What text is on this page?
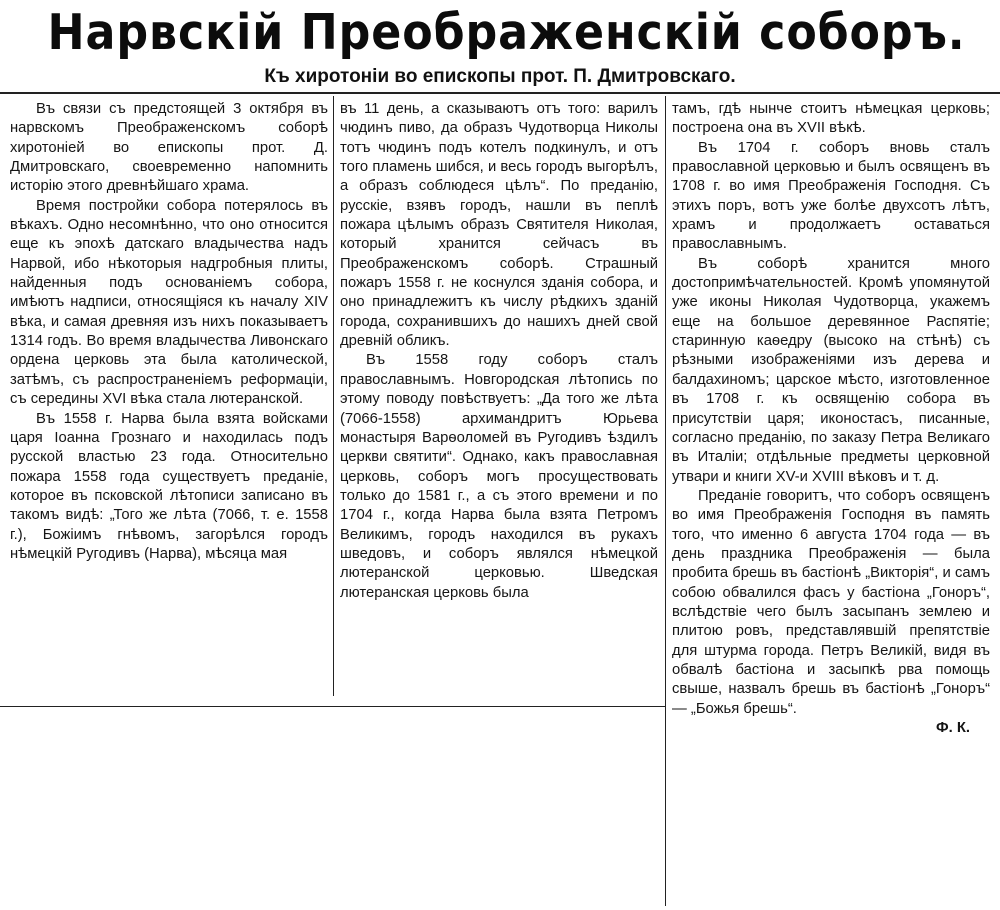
Нарвскій Преображенскій соборъ.
Къ хиротоніи во епископы прот. П. Дмитровскаго.

Въ связи съ предстоящей 3 октября въ нарвскомъ Преображенскомъ соборѣ хиротоніей во епископы прот. Д. Дмитровскаго, своевременно напомнить исторію этого древнѣйшаго храма.

Время постройки собора потерялось въ вѣкахъ. Одно несомнѣнно, что оно относится еще къ эпохѣ датскаго владычества надъ Нарвой, ибо нѣкоторыя надгробныя плиты, найденныя подъ основаніемъ собора, имѣютъ надписи, относящіяся къ началу XIV вѣка, и самая древняя изъ нихъ показываетъ 1314 годъ. Во время владычества Ливонскаго ордена церковь эта была католической, затѣмъ, съ распространеніемъ реформаціи, съ середины XVI вѣка стала лютеранской.

Въ 1558 г. Нарва была взята войсками царя Іоанна Грознаго и находилась подъ русской властью 23 года. Относительно пожара 1558 года существуетъ преданіе, которое въ псковской лѣтописи записано въ такомъ видѣ: „Того же лѣта (7066, т. е. 1558 г.), Божіимъ гнѣвомъ, загорѣлся городъ нѣмецкій Ругодивъ (Нарва), мѣсяца мая

въ 11 день, а сказываютъ отъ того: варилъ чюдинъ пиво, да образъ Чудотворца Николы тотъ чюдинъ подъ котелъ подкинулъ, и отъ того пламень шибся, и весь городъ выгорѣлъ, а образъ соблюдеся цѣлъ“. По преданію, русскіе, взявъ городъ, нашли въ пеплѣ пожара цѣлымъ образъ Святителя Николая, который хранится сейчасъ въ Преображенскомъ соборѣ. Страшный пожаръ 1558 г. не коснулся зданія собора, и оно принадлежитъ къ числу рѣдкихъ зданій города, сохранившихъ до нашихъ дней свой древній обликъ.

Въ 1558 году соборъ сталъ православнымъ. Новгородская лѣтопись по этому поводу повѣствуетъ: „Да того же лѣта (7066-1558) архимандритъ Юрьева монастыря Варѳоломей въ Ругодивъ ѣздилъ церкви святити“. Однако, какъ православная церковь, соборъ могъ просуществовать только до 1581 г., а съ этого времени и по 1704 г., когда Нарва была взята Петромъ Великимъ, городъ находился въ рукахъ шведовъ, и соборъ являлся нѣмецкой лютеранской церковью. Шведская лютеранская церковь была

тамъ, гдѣ нынче стоитъ нѣмецкая церковь; построена она въ XVII вѣкѣ.

Въ 1704 г. соборъ вновь сталъ православной церковью и былъ освященъ въ 1708 г. во имя Преображенія Господня. Съ этихъ поръ, вотъ уже болѣе двухсотъ лѣтъ, храмъ и продолжаетъ оставаться православнымъ.

Въ соборѣ хранится много достопримѣчательностей. Кромѣ упомянутой уже иконы Николая Чудотворца, укажемъ еще на большое деревянное Распятіе; старинную каѳедру (высоко на стѣнѣ) съ рѣзными изображеніями изъ дерева и балдахиномъ; царское мѣсто, изготовленное въ 1708 г. къ освященію собора въ присутствіи царя; иконостасъ, писанные, согласно преданію, по заказу Петра Великаго въ Италіи; отдѣльные предметы церковной утвари и книги XV-и XVIII вѣковъ и т. д.

Преданіе говоритъ, что соборъ освященъ во имя Преображенія Господня въ память того, что именно 6 августа 1704 года — въ день праздника Преображенія — была пробита брешь въ бастіонѣ „Викторія“, и самъ собою обвалился фасъ у бастіона „Гоноръ“, вслѣдствіе чего былъ засыпанъ землею и плитою ровъ, представлявшій препятствіе для штурма города. Петръ Великій, видя въ обвалѣ бастіона и засыпкѣ рва помощь свыше, назвалъ брешь въ бастіонѣ „Гоноръ“ — „Божья брешь“.

Ф. К.
